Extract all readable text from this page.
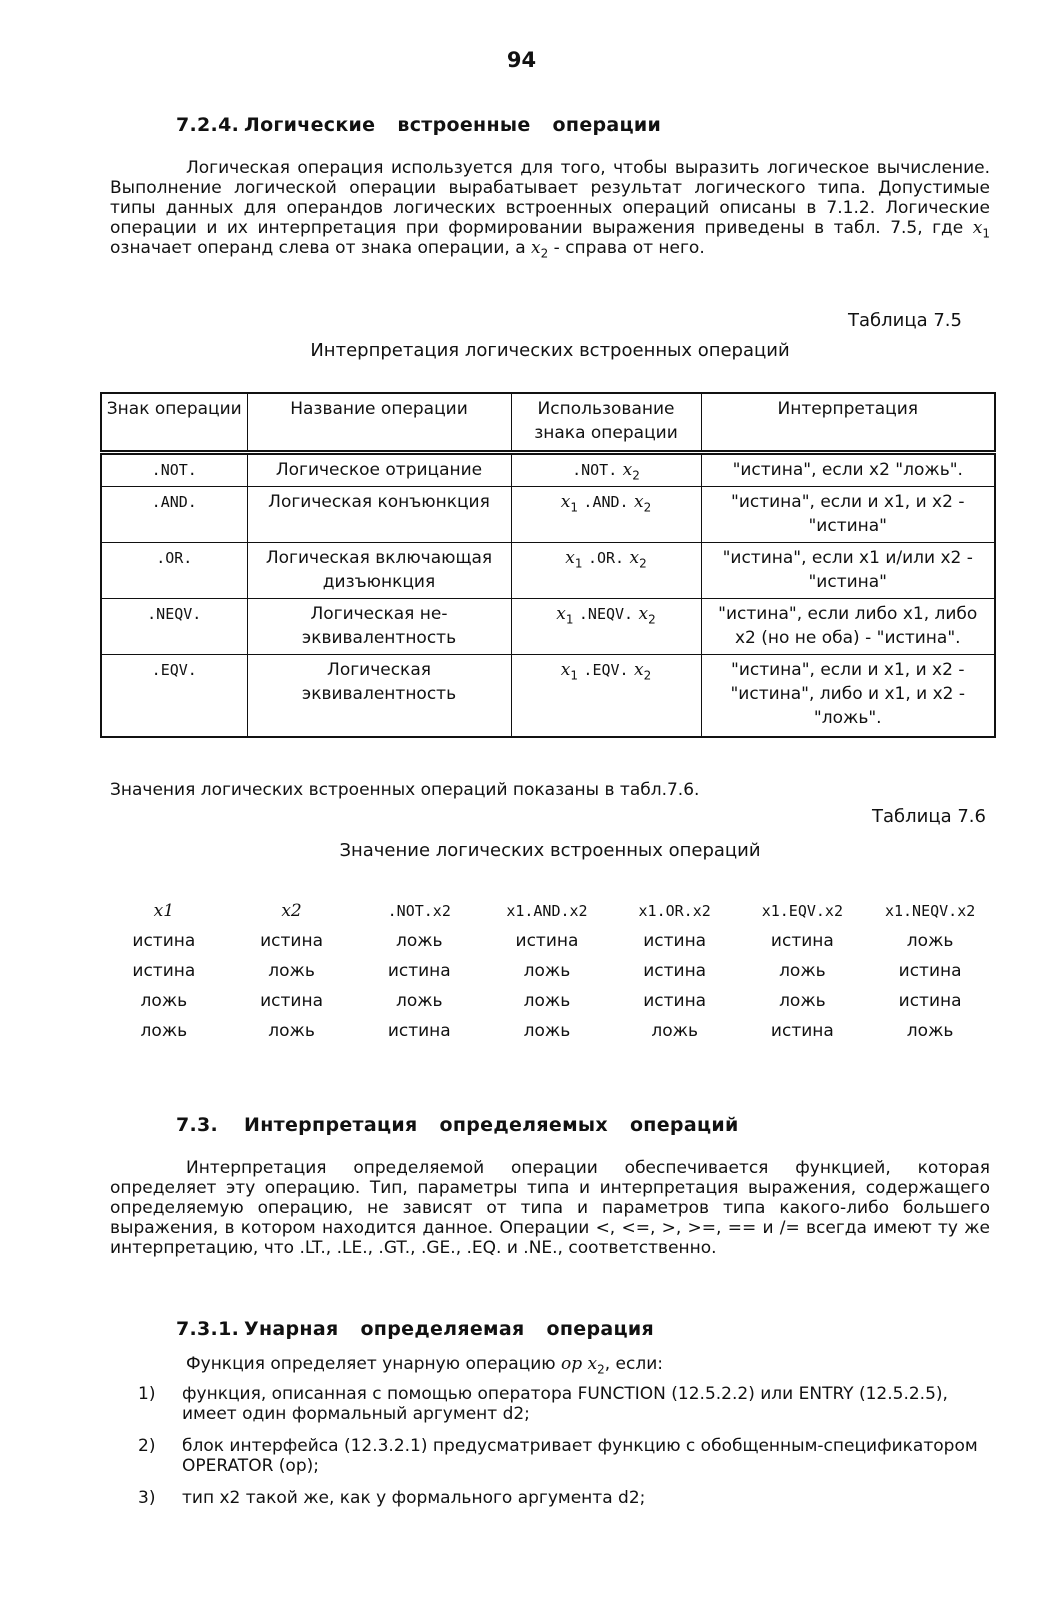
94
7.2.4. Логические встроенные операции

Логическая операция используется для того, чтобы выразить логическое вычисление. Выполнение логической операции вырабатывает результат логического типа. Допустимые типы данных для операндов логических встроенных операций описаны в 7.1.2. Логические операции и их интерпретация при формировании выражения приведены в табл. 7.5, где $x_1$ означает операнд слева от знака операции, а $x_2$ - справа от него.

Таблица 7.5
Интерпретация логических встроенных операций
Знак операции	Название операции	Использование знака операции	Интерпретация
.NOT.	Логическое отрицание	.NOT. $x_2$	"истина", если x2 "ложь".
.AND.	Логическая конъюнкция	$x_1$ .AND. $x_2$	"истина", если и x1, и x2 - "истина"
.OR.	Логическая включающая дизъюнкция	$x_1$ .OR. $x_2$	"истина", если x1 и/или x2 - "истина"
.NEQV.	Логическая не-эквивалентность	$x_1$ .NEQV. $x_2$	"истина", если либо x1, либо x2 (но не оба) - "истина".
.EQV.	Логическая эквивалентность	$x_1$ .EQV. $x_2$	"истина", если и x1, и x2 - "истина", либо и x1, и x2 - "ложь".
Значения логических встроенных операций показаны в табл.7.6.
Таблица 7.6
Значение логических встроенных операций
x1	x2	.NOT.x2	x1.AND.x2	x1.OR.x2	x1.EQV.x2	x1.NEQV.x2
истина	истина	ложь	истина	истина	истина	ложь
истина	ложь	истина	ложь	истина	ложь	истина
ложь	истина	ложь	ложь	истина	ложь	истина
ложь	ложь	истина	ложь	ложь	истина	ложь
7.3. Интерпретация определяемых операций

Интерпретация определяемой операции обеспечивается функцией, которая определяет эту операцию. Тип, параметры типа и интерпретация выражения, содержащего определяемую операцию, не зависят от типа и параметров типа какого-либо большего выражения, в котором находится данное. Операции <, <=, >, >=, == и /= всегда имеют ту же интерпретацию, что .LT., .LE., .GT., .GE., .EQ. и .NE., соответственно.

7.3.1. Унарная определяемая операция
Функция определяет унарную операцию op $x_2$, если:
1) функция, описанная с помощью оператора FUNCTION (12.5.2.2) или ENTRY (12.5.2.5), имеет один формальный аргумент d2;
2) блок интерфейса (12.3.2.1) предусматривает функцию с обобщенным-спецификатором OPERATOR (op);
3) тип x2 такой же, как у формального аргумента d2;
